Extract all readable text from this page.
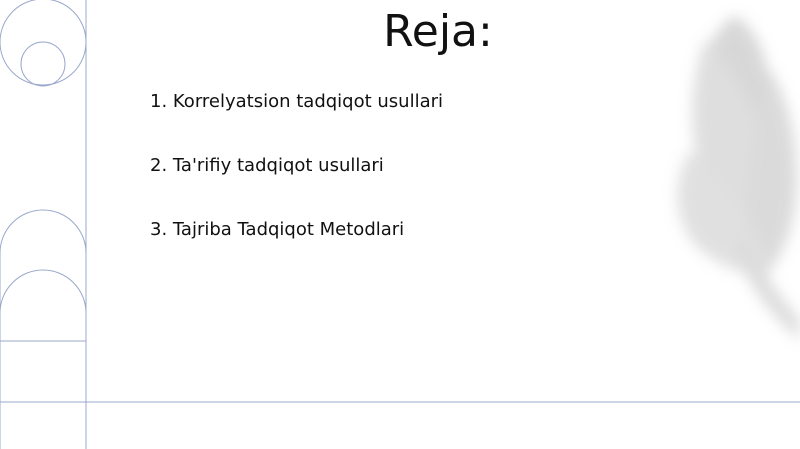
Reja:
1. Korrelyatsion tadqiqot usullari
2. Ta'rifiy tadqiqot usullari
3. Tajriba Tadqiqot Metodlari
